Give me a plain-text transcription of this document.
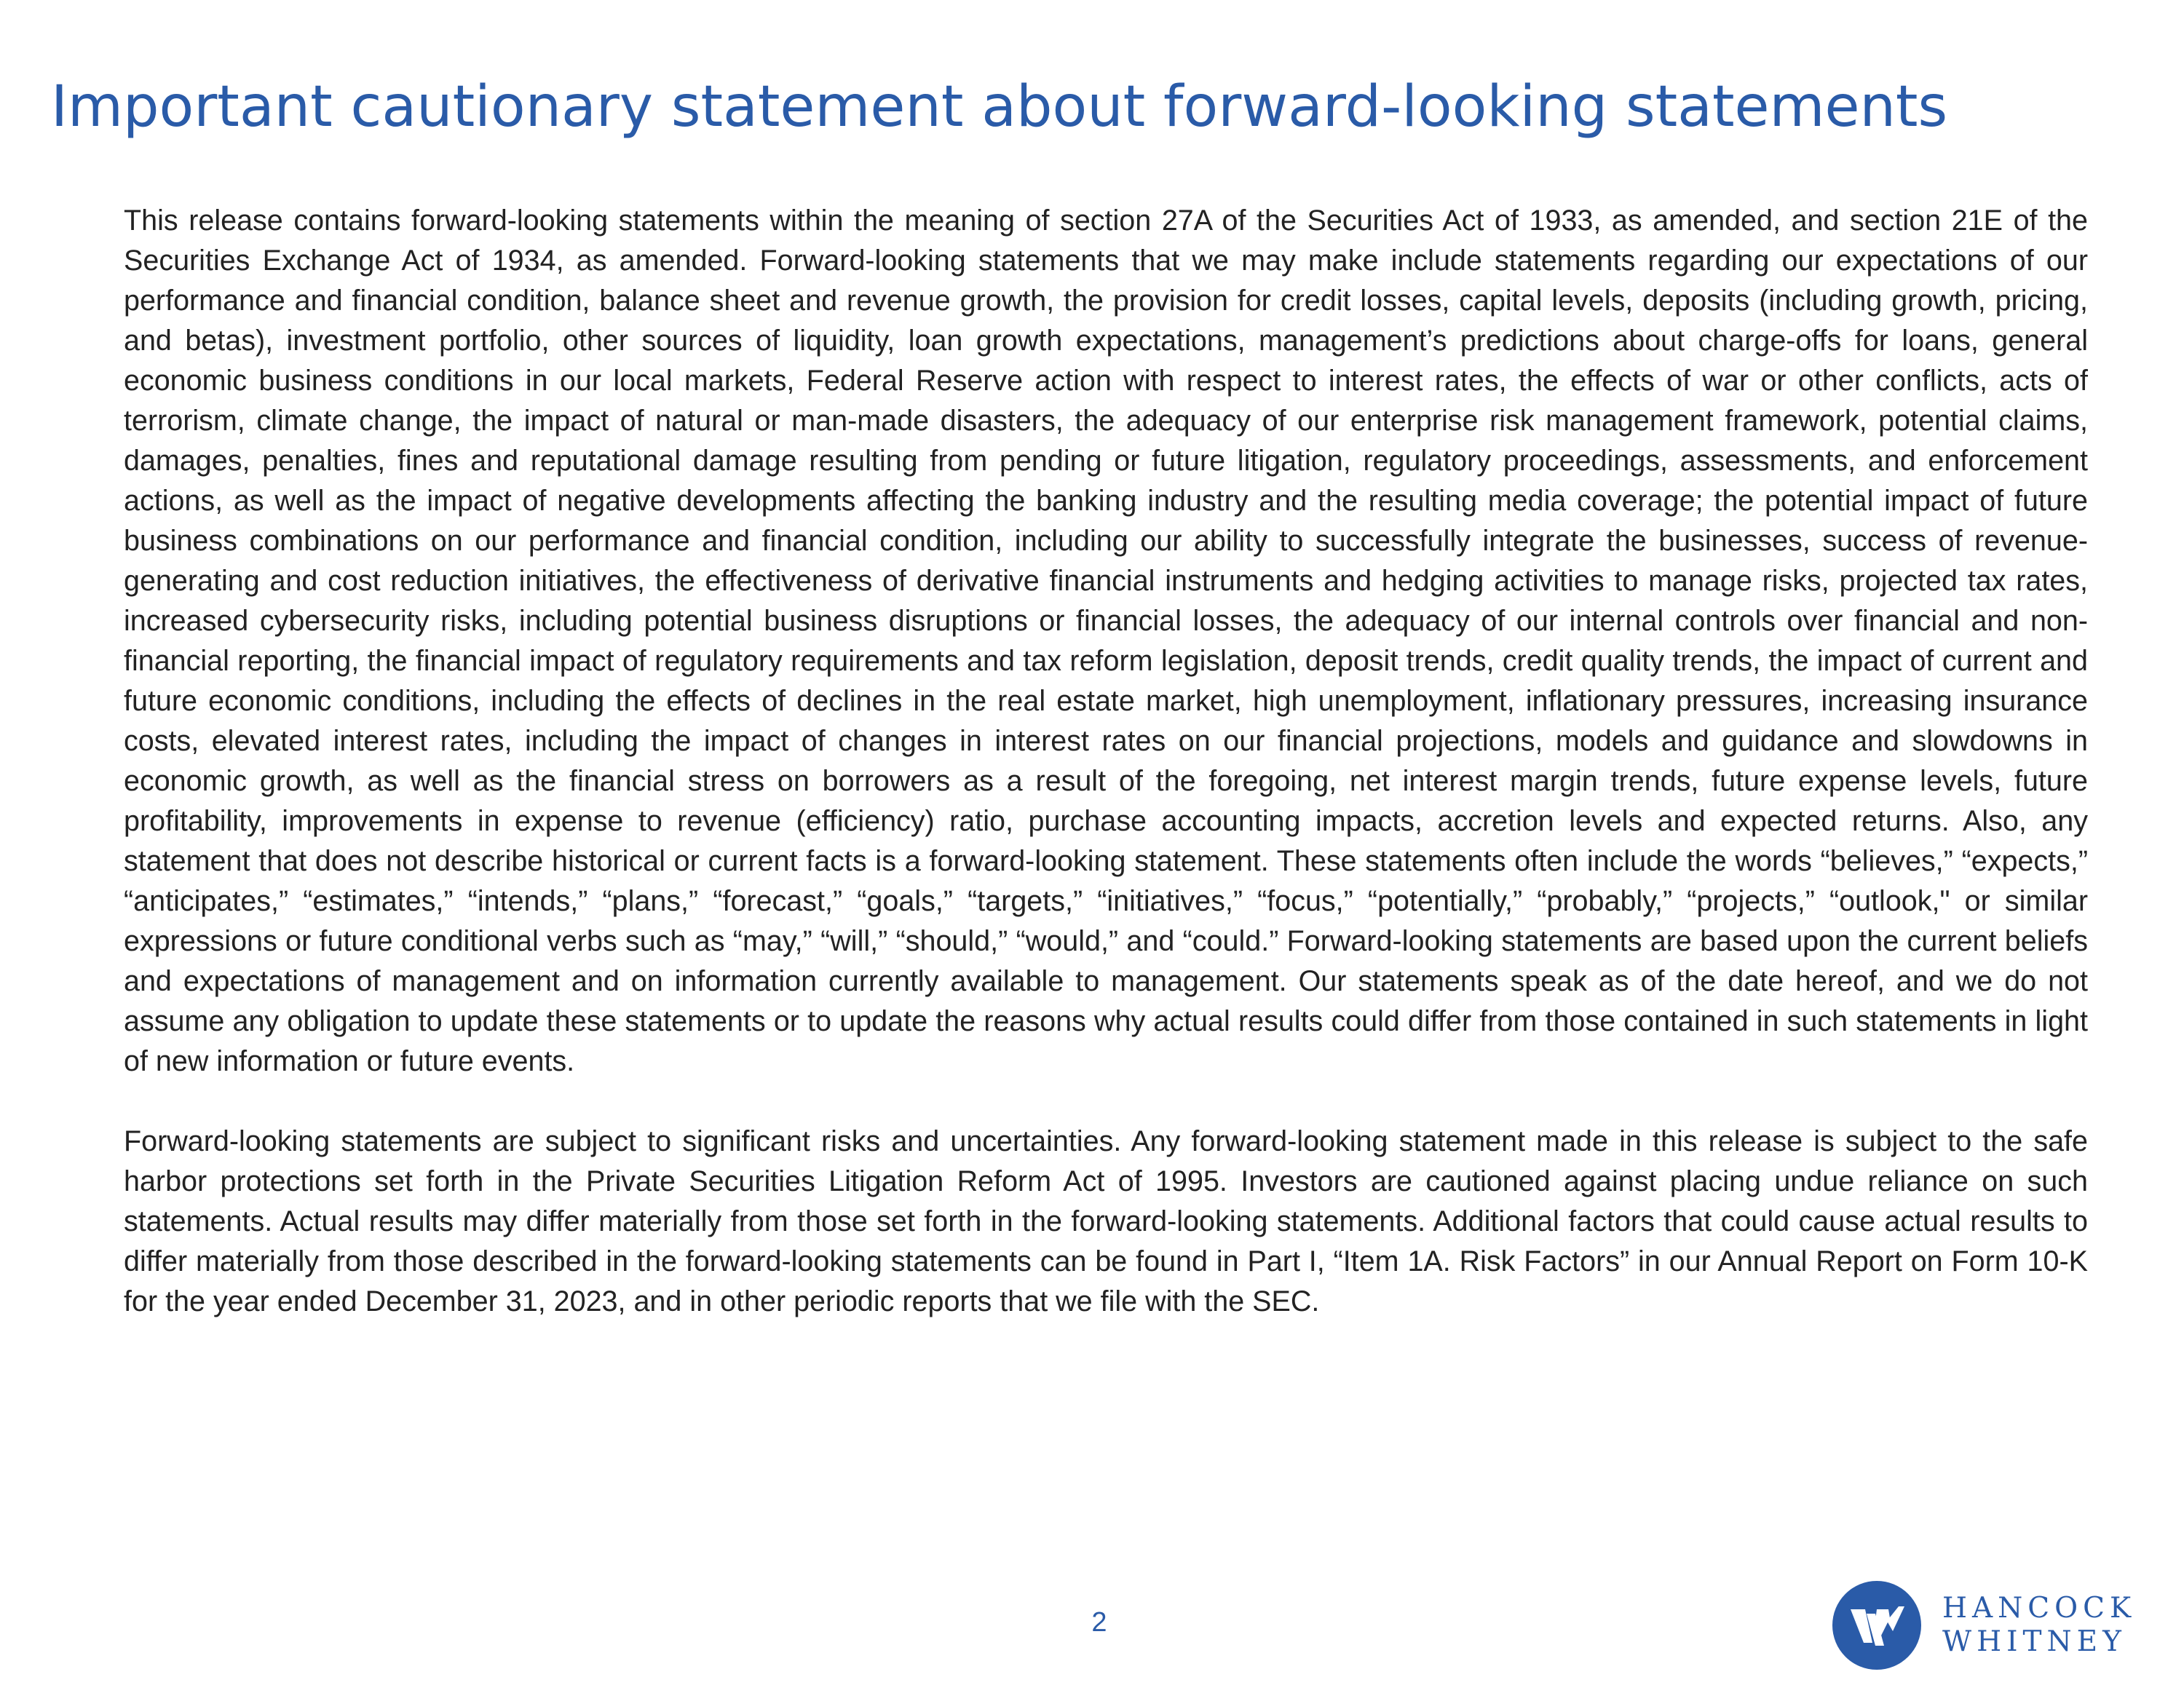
Important cautionary statement about forward-looking statements

This release contains forward-looking statements within the meaning of section 27A of the Securities Act of 1933, as amended, and section 21E of the Securities Exchange Act of 1934, as amended. Forward-looking statements that we may make include statements regarding our expectations of our performance and financial condition, balance sheet and revenue growth, the provision for credit losses, capital levels, deposits (including growth, pricing, and betas), investment portfolio, other sources of liquidity, loan growth expectations, management’s predictions about charge-offs for loans, general economic business conditions in our local markets, Federal Reserve action with respect to interest rates, the effects of war or other conflicts, acts of terrorism, climate change, the impact of natural or man-made disasters, the adequacy of our enterprise risk management framework, potential claims, damages, penalties, fines and reputational damage resulting from pending or future litigation, regulatory proceedings, assessments, and enforcement actions, as well as the impact of negative developments affecting the banking industry and the resulting media coverage; the potential impact of future business combinations on our performance and financial condition, including our ability to successfully integrate the businesses, success of revenue-generating and cost reduction initiatives, the effectiveness of derivative financial instruments and hedging activities to manage risks, projected tax rates, increased cybersecurity risks, including potential business disruptions or financial losses, the adequacy of our internal controls over financial and non-financial reporting, the financial impact of regulatory requirements and tax reform legislation, deposit trends, credit quality trends, the impact of current and future economic conditions, including the effects of declines in the real estate market, high unemployment, inflationary pressures, increasing insurance costs, elevated interest rates, including the impact of changes in interest rates on our financial projections, models and guidance and slowdowns in economic growth, as well as the financial stress on borrowers as a result of the foregoing, net interest margin trends, future expense levels, future profitability, improvements in expense to revenue (efficiency) ratio, purchase accounting impacts, accretion levels and expected returns. Also, any statement that does not describe historical or current facts is a forward-looking statement. These statements often include the words “believes,” “expects,” “anticipates,” “estimates,” “intends,” “plans,” “forecast,” “goals,” “targets,” “initiatives,” “focus,” “potentially,” “probably,” “projects,” “outlook," or similar expressions or future conditional verbs such as “may,” “will,” “should,” “would,” and “could.” Forward-looking statements are based upon the current beliefs and expectations of management and on information currently available to management. Our statements speak as of the date hereof, and we do not assume any obligation to update these statements or to update the reasons why actual results could differ from those contained in such statements in light of new information or future events.

Forward-looking statements are subject to significant risks and uncertainties. Any forward-looking statement made in this release is subject to the safe harbor protections set forth in the Private Securities Litigation Reform Act of 1995. Investors are cautioned against placing undue reliance on such statements. Actual results may differ materially from those set forth in the forward-looking statements. Additional factors that could cause actual results to differ materially from those described in the forward-looking statements can be found in Part I, “Item 1A. Risk Factors” in our Annual Report on Form 10-K for the year ended December 31, 2023, and in other periodic reports that we file with the SEC.

2	HANCOCK
WHITNEY
